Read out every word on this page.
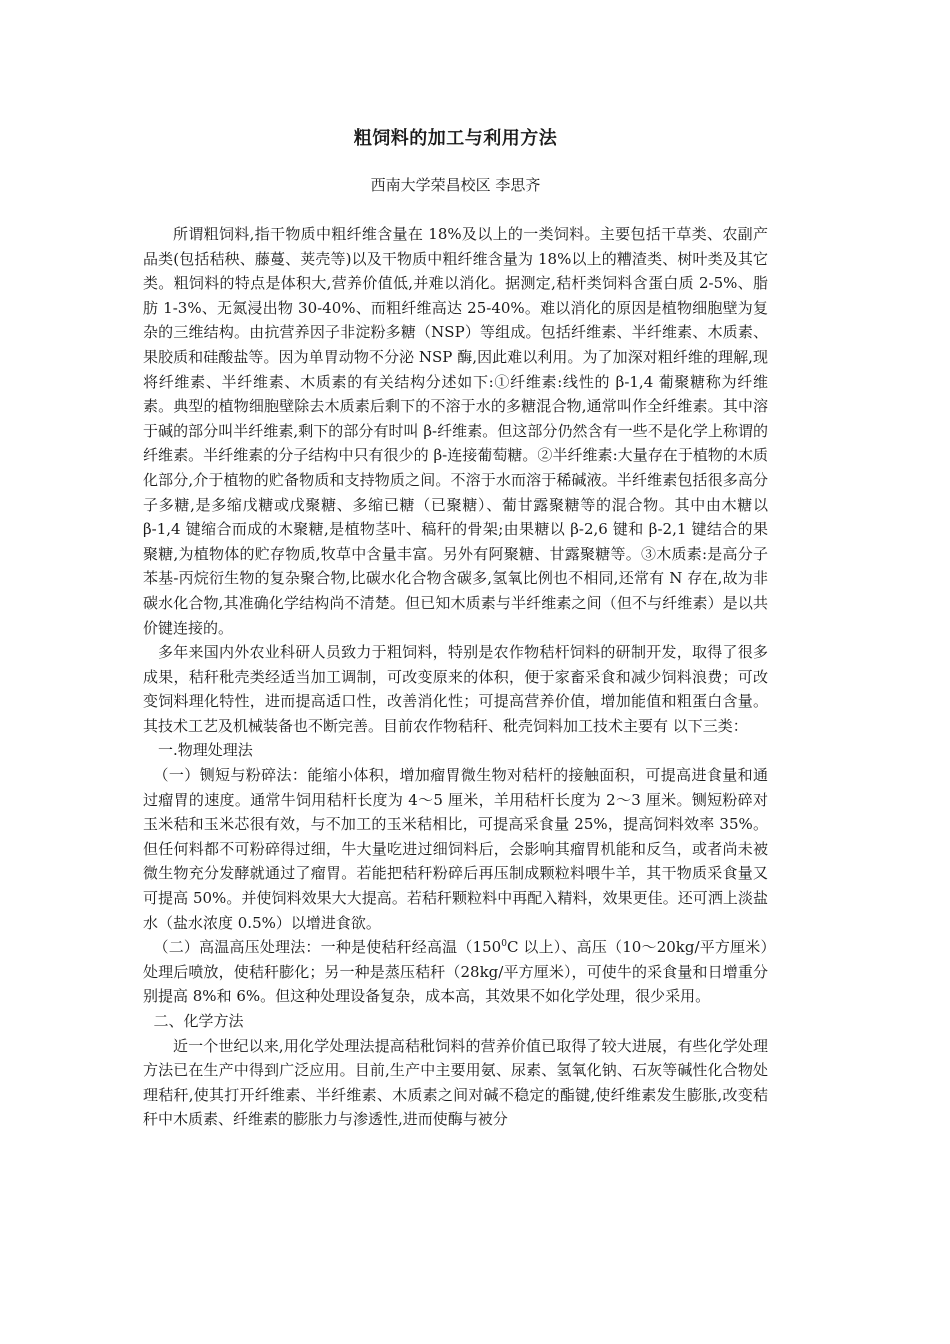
粗饲料的加工与利用方法
西南大学荣昌校区 李思齐

所谓粗饲料,指干物质中粗纤维含量在 18%及以上的一类饲料。主要包括干草类、农副产品类(包括秸秧、藤蔓、荚壳等)以及干物质中粗纤维含量为 18%以上的糟渣类、树叶类及其它类。粗饲料的特点是体积大,营养价值低,并难以消化。据测定,秸杆类饲料含蛋白质 2-5%、脂肪 1-3%、无氮浸出物 30-40%、而粗纤维高达 25-40%。难以消化的原因是植物细胞壁为复杂的三维结构。由抗营养因子非淀粉多糖（NSP）等组成。包括纤维素、半纤维素、木质素、果胶质和硅酸盐等。因为单胃动物不分泌 NSP 酶,因此难以利用。为了加深对粗纤维的理解,现将纤维素、半纤维素、木质素的有关结构分述如下:①纤维素:线性的 β-1,4 葡聚糖称为纤维素。典型的植物细胞壁除去木质素后剩下的不溶于水的多糖混合物,通常叫作全纤维素。其中溶于碱的部分叫半纤维素,剩下的部分有时叫 β-纤维素。但这部分仍然含有一些不是化学上称谓的纤维素。半纤维素的分子结构中只有很少的 β-连接葡萄糖。②半纤维素:大量存在于植物的木质化部分,介于植物的贮备物质和支持物质之间。不溶于水而溶于稀碱液。半纤维素包括很多高分子多糖,是多缩戊糖或戊聚糖、多缩已糖（已聚糖）、葡甘露聚糖等的混合物。其中由木糖以 β-1,4 键缩合而成的木聚糖,是植物茎叶、稿秆的骨架;由果糖以 β-2,6 键和 β-2,1 键结合的果聚糖,为植物体的贮存物质,牧草中含量丰富。另外有阿聚糖、甘露聚糖等。③木质素:是高分子苯基-丙烷衍生物的复杂聚合物,比碳水化合物含碳多,氢氧比例也不相同,还常有 N 存在,故为非碳水化合物,其准确化学结构尚不清楚。但已知木质素与半纤维素之间（但不与纤维素）是以共价键连接的。

多年来国内外农业科研人员致力于粗饲料，特别是农作物秸杆饲料的研制开发，取得了很多成果，秸秆秕壳类经适当加工调制，可改变原来的体积，便于家畜采食和减少饲料浪费；可改变饲料理化特性，进而提高适口性，改善消化性；可提高营养价值，增加能值和粗蛋白含量。其技术工艺及机械装备也不断完善。目前农作物秸秆、秕壳饲料加工技术主要有 以下三类：

一.物理处理法

（一）铡短与粉碎法：能缩小体积，增加瘤胃微生物对秸杆的接触面积，可提高进食量和通过瘤胃的速度。通常牛饲用秸杆长度为 4～5 厘米，羊用秸杆长度为 2～3 厘米。铡短粉碎对玉米秸和玉米芯很有效，与不加工的玉米秸相比，可提高采食量 25%，提高饲料效率 35%。但任何料都不可粉碎得过细，牛大量吃进过细饲料后，会影响其瘤胃机能和反刍，或者尚未被微生物充分发酵就通过了瘤胃。若能把秸秆粉碎后再压制成颗粒料喂牛羊，其干物质采食量又可提高 50%。并使饲料效果大大提高。若秸秆颗粒料中再配入精料，效果更佳。还可洒上淡盐水（盐水浓度 0.5%）以增进食欲。

（二）高温高压处理法：一种是使秸秆经高温（$150^0C$ 以上）、高压（10～20kg/平方厘米）处理后喷放，使秸秆膨化；另一种是蒸压秸秆（28kg/平方厘米），可使牛的采食量和日增重分别提高 8%和 6%。但这种处理设备复杂，成本高，其效果不如化学处理，很少采用。

二、化学方法

近一个世纪以来,用化学处理法提高秸秕饲料的营养价值已取得了较大进展，有些化学处理方法已在生产中得到广泛应用。目前,生产中主要用氨、尿素、氢氧化钠、石灰等碱性化合物处理秸秆,使其打开纤维素、半纤维素、木质素之间对碱不稳定的酯键,使纤维素发生膨胀,改变秸秆中木质素、纤维素的膨胀力与渗透性,进而使酶与被分
